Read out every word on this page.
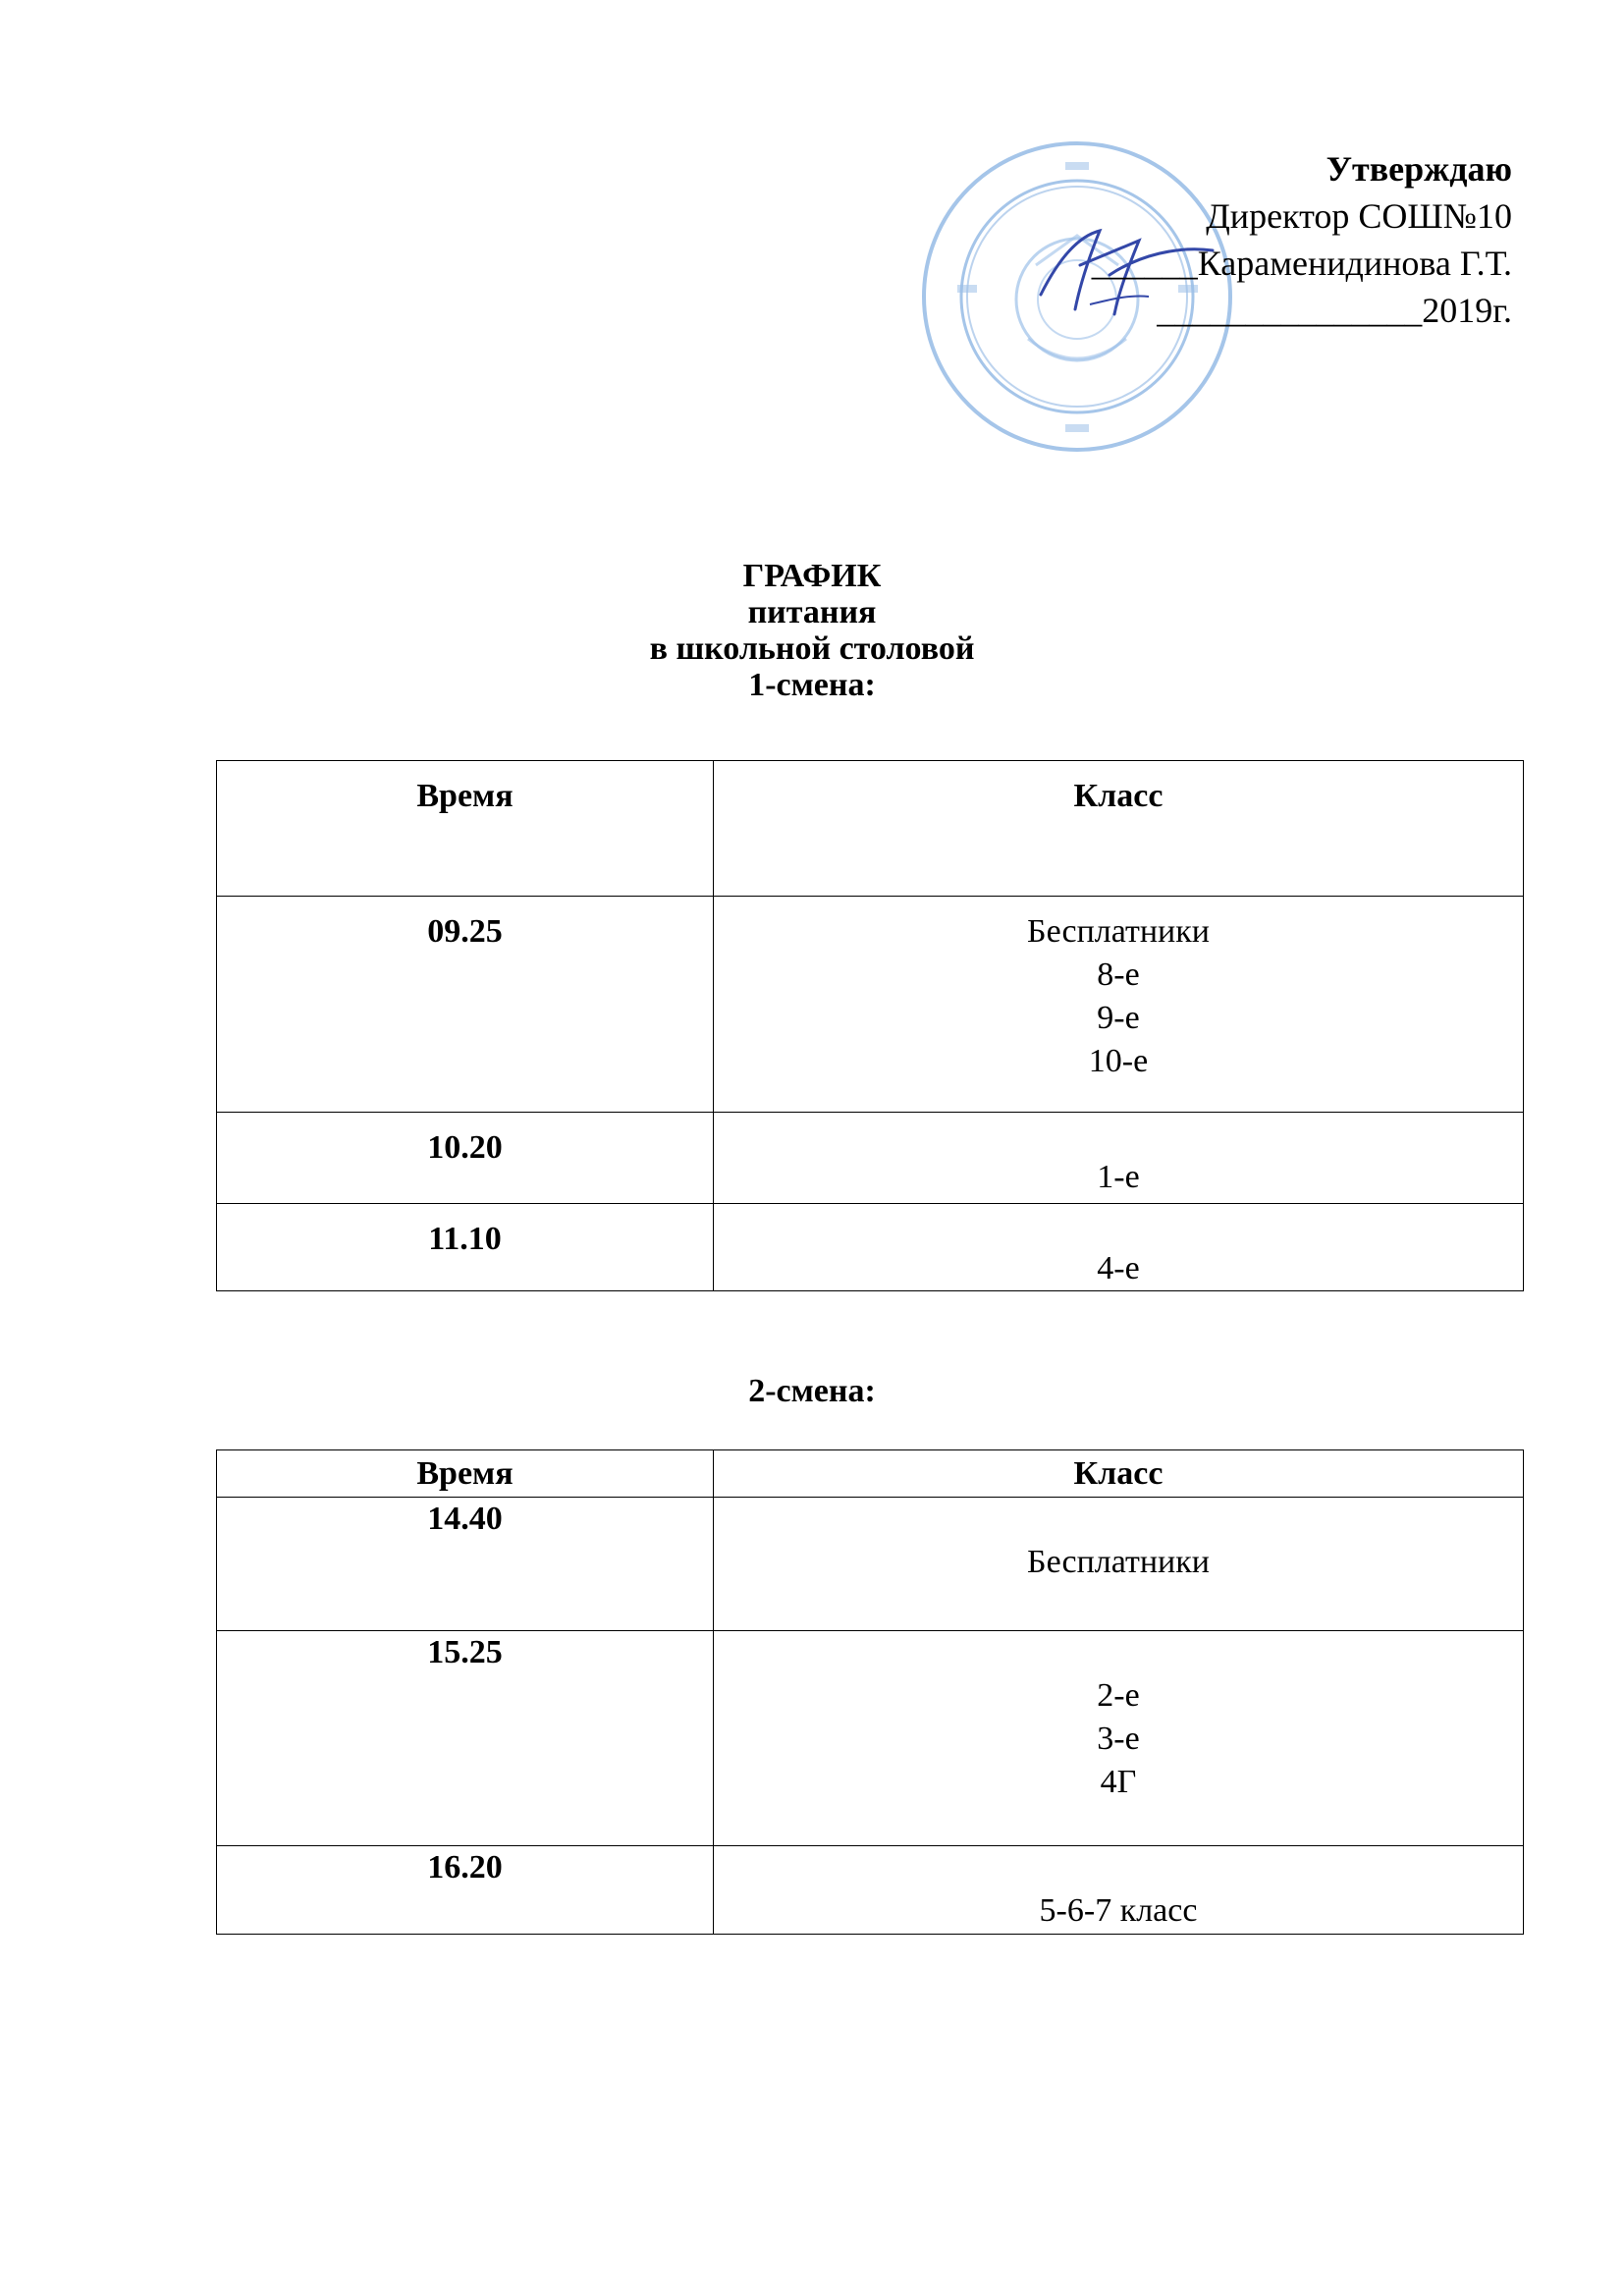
Утверждаю
Директор СОШ№10
______Караменидинова Г.Т.
_______________2019г.
ГРАФИК
питания
в школьной столовой
1-смена:
Время	Класс

09.25	Бесплатники
8-е
9-е
10-е

10.20	1-е

11.10	4-е
2-смена:
Время	Класс

14.40	Бесплатники

15.25	2-е
3-е
4Г

16.20	5-6-7 класс
